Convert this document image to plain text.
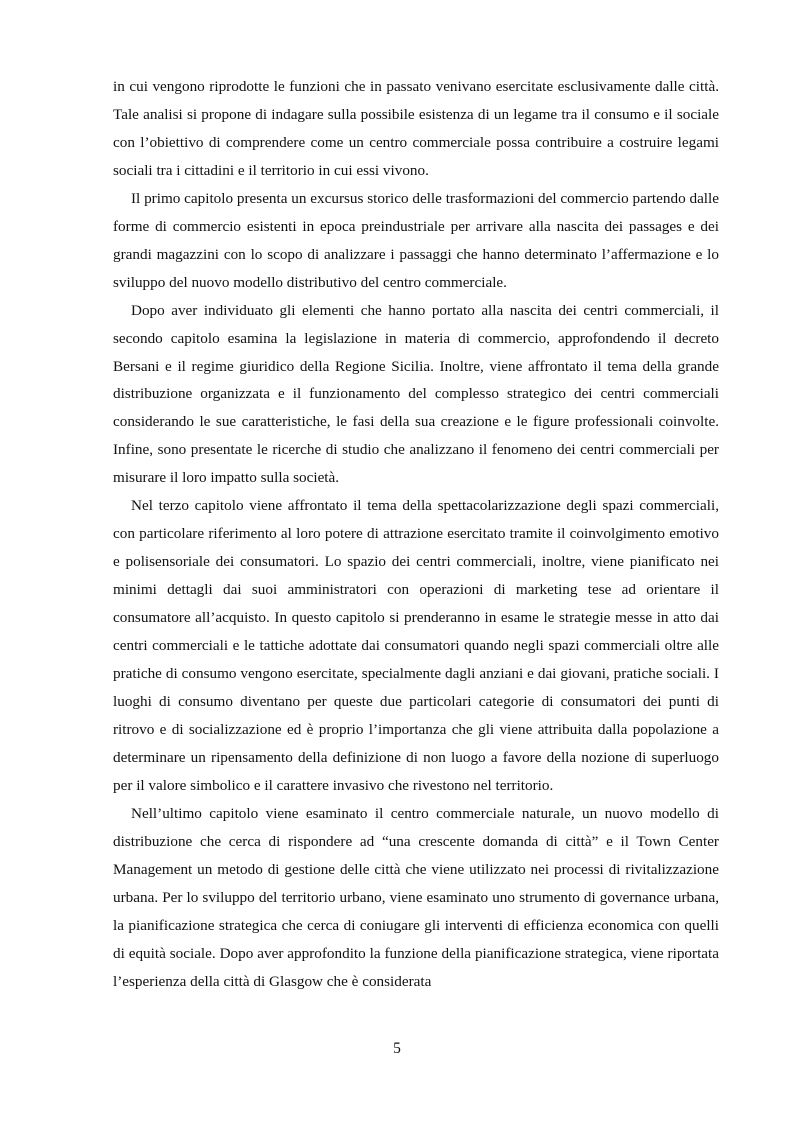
in cui vengono riprodotte le funzioni che in passato venivano esercitate esclusivamente dalle città. Tale analisi si propone di indagare sulla possibile esistenza di un legame tra il consumo e il sociale con l’obiettivo di comprendere come un centro commerciale possa contribuire a costruire legami sociali tra i cittadini e il territorio in cui essi vivono.

Il primo capitolo presenta un excursus storico delle trasformazioni del commercio partendo dalle forme di commercio esistenti in epoca preindustriale per arrivare alla nascita dei passages e dei grandi magazzini con lo scopo di analizzare i passaggi che hanno determinato l’affermazione e lo sviluppo del nuovo modello distributivo del centro commerciale.

Dopo aver individuato gli elementi che hanno portato alla nascita dei centri commerciali, il secondo capitolo esamina la legislazione in materia di commercio, approfondendo il decreto Bersani e il regime giuridico della Regione Sicilia. Inoltre, viene affrontato il tema della grande distribuzione organizzata e il funzionamento del complesso strategico dei centri commerciali considerando le sue caratteristiche, le fasi della sua creazione e le figure professionali coinvolte. Infine, sono presentate le ricerche di studio che analizzano il fenomeno dei centri commerciali per misurare il loro impatto sulla società.

Nel terzo capitolo viene affrontato il tema della spettacolarizzazione degli spazi commerciali, con particolare riferimento al loro potere di attrazione esercitato tramite il coinvolgimento emotivo e polisensoriale dei consumatori. Lo spazio dei centri commerciali, inoltre, viene pianificato nei minimi dettagli dai suoi amministratori con operazioni di marketing tese ad orientare il consumatore all’acquisto. In questo capitolo si prenderanno in esame le strategie messe in atto dai centri commerciali e le tattiche adottate dai consumatori quando negli spazi commerciali oltre alle pratiche di consumo vengono esercitate, specialmente dagli anziani e dai giovani, pratiche sociali. I luoghi di consumo diventano per queste due particolari categorie di consumatori dei punti di ritrovo e di socializzazione ed è proprio l’importanza che gli viene attribuita dalla popolazione a determinare un ripensamento della definizione di non luogo a favore della nozione di superluogo per il valore simbolico e il carattere invasivo che rivestono nel territorio.

Nell’ultimo capitolo viene esaminato il centro commerciale naturale, un nuovo modello di distribuzione che cerca di rispondere ad “una crescente domanda di città” e il Town Center Management un metodo di gestione delle città che viene utilizzato nei processi di rivitalizzazione urbana. Per lo sviluppo del territorio urbano, viene esaminato uno strumento di governance urbana, la pianificazione strategica che cerca di coniugare gli interventi di efficienza economica con quelli di equità sociale. Dopo aver approfondito la funzione della pianificazione strategica, viene riportata l’esperienza della città di Glasgow che è considerata

5
